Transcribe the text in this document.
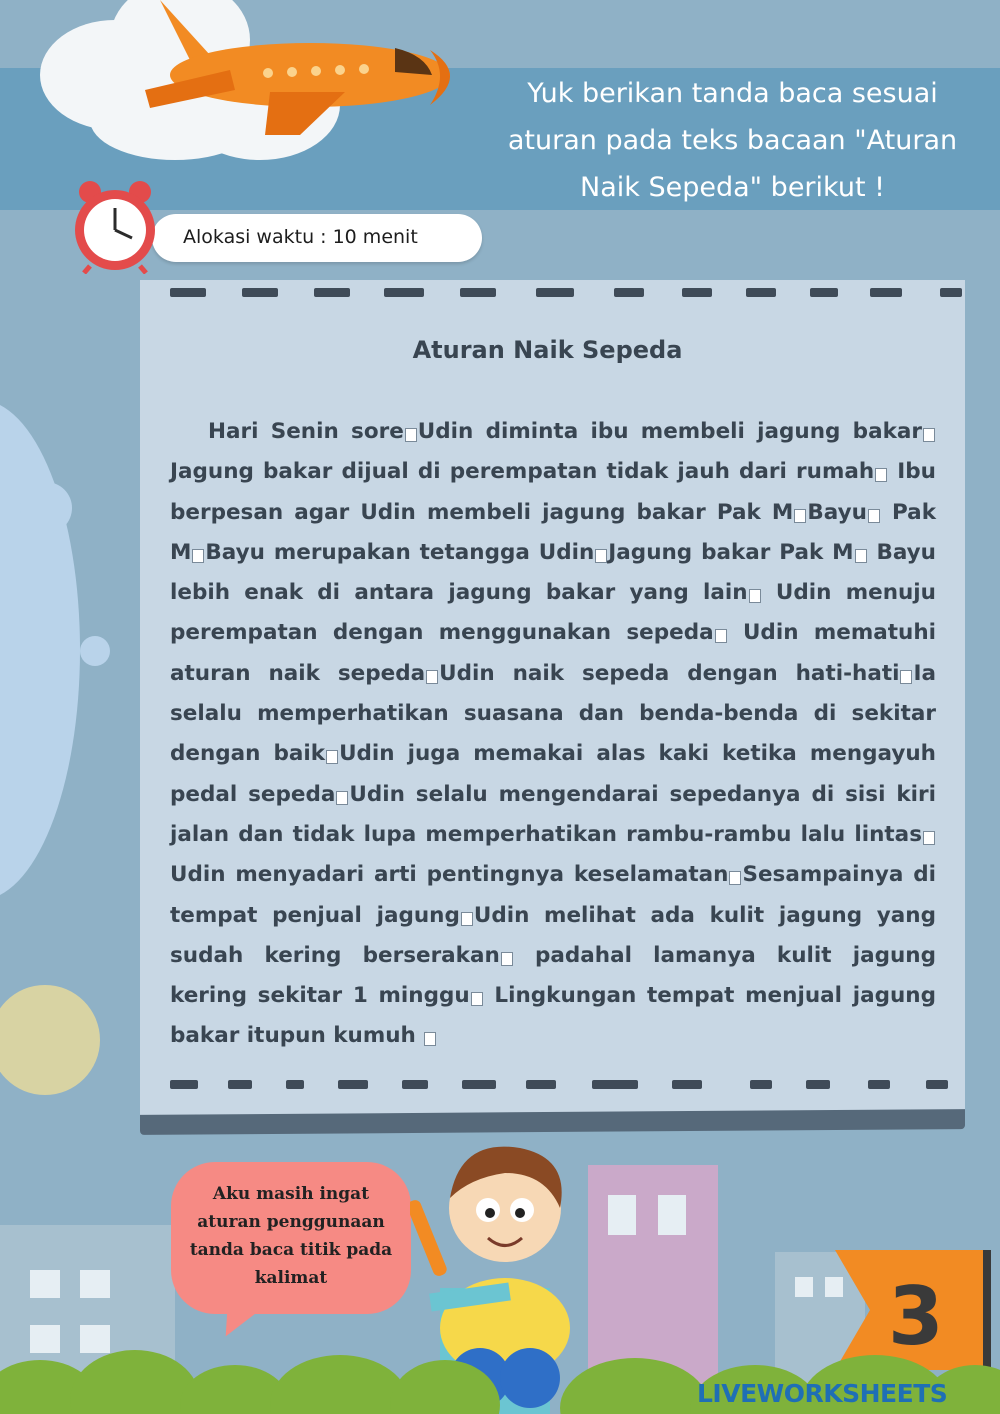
Yuk berikan tanda baca sesuai
aturan pada teks bacaan "Aturan
Naik Sepeda" berikut !
Alokasi waktu : 10 menit
Aturan Naik Sepeda
Hari Senin sore Udin diminta ibu membeli jagung bakar Jagung bakar dijual di perempatan tidak jauh dari rumah Ibu berpesan agar Udin membeli jagung bakar Pak M Bayu Pak M Bayu merupakan tetangga Udin Jagung bakar Pak M Bayu lebih enak di antara jagung bakar yang lain Udin menuju perempatan dengan menggunakan sepeda Udin mematuhi aturan naik sepeda Udin naik sepeda dengan hati-hati Ia selalu memperhatikan suasana dan benda-benda di sekitar dengan baik Udin juga memakai alas kaki ketika mengayuh pedal sepeda Udin selalu mengendarai sepedanya di sisi kiri jalan dan tidak lupa memperhatikan rambu-rambu lalu lintasUdin menyadari arti pentingnya keselamatan Sesampainya di tempat penjual jagung Udin melihat ada kulit jagung yang sudah kering berserakan padahal lamanya kulit jagung kering sekitar 1 minggu Lingkungan tempat menjual jagung bakar itupun kumuh
Aku masih ingat
aturan penggunaan
tanda baca titik pada
kalimat	3
LIVEWORKSHEETS
